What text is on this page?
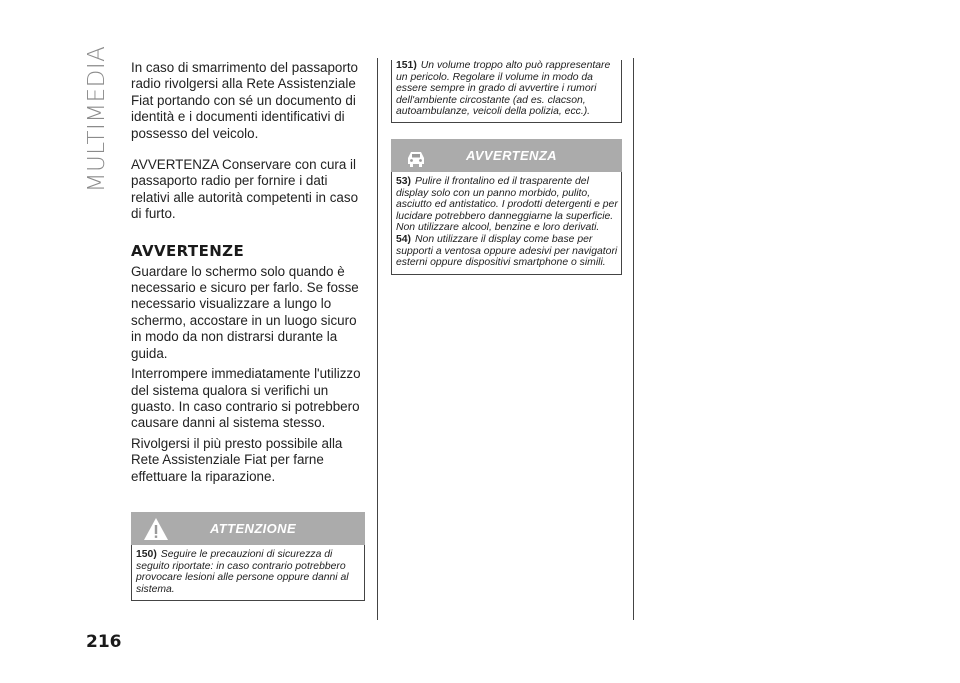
MULTIMEDIA
216

In caso di smarrimento del passaporto radio rivolgersi alla Rete Assistenziale Fiat portando con sé un documento di identità e i documenti identificativi di possesso del veicolo.

AVVERTENZA Conservare con cura il passaporto radio per fornire i dati relativi alle autorità competenti in caso di furto.

AVVERTENZE

Guardare lo schermo solo quando è necessario e sicuro per farlo. Se fosse necessario visualizzare a lungo lo schermo, accostare in un luogo sicuro in modo da non distrarsi durante la guida.

Interrompere immediatamente l'utilizzo del sistema qualora si verifichi un guasto. In caso contrario si potrebbero causare danni al sistema stesso.

Rivolgersi il più presto possibile alla Rete Assistenziale Fiat per farne effettuare la riparazione.

ATTENZIONE

150) Seguire le precauzioni di sicurezza di seguito riportate: in caso contrario potrebbero provocare lesioni alle persone oppure danni al sistema.

151) Un volume troppo alto può rappresentare un pericolo. Regolare il volume in modo da essere sempre in grado di avvertire i rumori dell'ambiente circostante (ad es. clacson, autoambulanze, veicoli della polizia, ecc.).

AVVERTENZA

53) Pulire il frontalino ed il trasparente del display solo con un panno morbido, pulito, asciutto ed antistatico. I prodotti detergenti e per lucidare potrebbero danneggiarne la superficie. Non utilizzare alcool, benzine e loro derivati.

54) Non utilizzare il display come base per supporti a ventosa oppure adesivi per navigatori esterni oppure dispositivi smartphone o simili.
